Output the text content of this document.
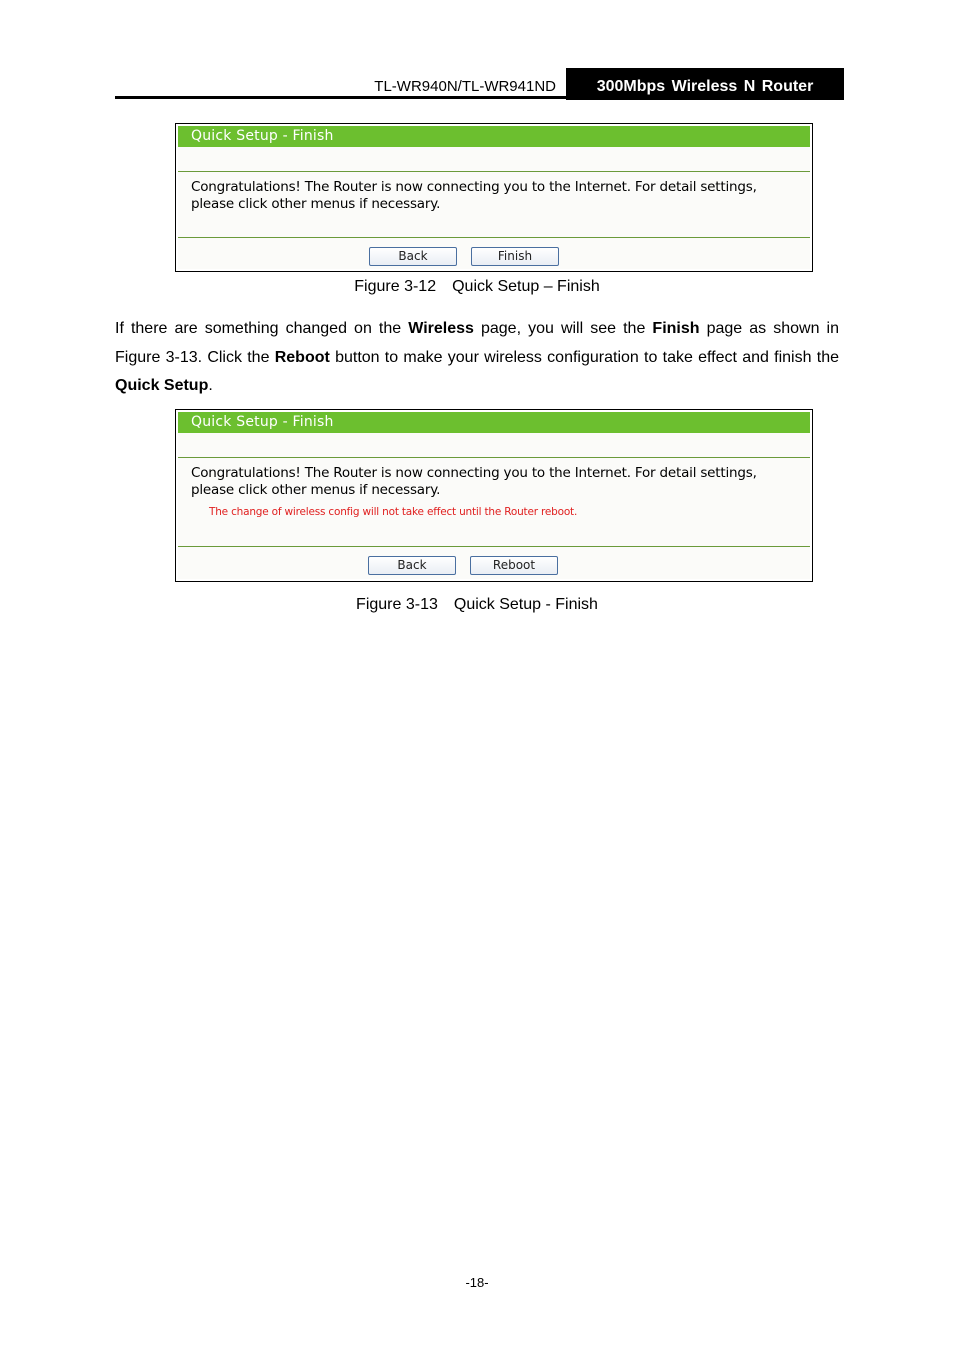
TL-WR940N/TL-WR941ND	300Mbps Wireless N Router
Quick Setup - Finish
Congratulations! The Router is now connecting you to the Internet. For detail settings,
please click other menus if necessary.
Back	Finish
Figure 3-12 Quick Setup – Finish
If there are something changed on the Wireless page, you will see the Finish page as shown in Figure 3-13. Click the Reboot button to make your wireless configuration to take effect and finish the Quick Setup.
Quick Setup - Finish
Congratulations! The Router is now connecting you to the Internet. For detail settings,
please click other menus if necessary.
The change of wireless config will not take effect until the Router reboot.
Back	Reboot
Figure 3-13 Quick Setup - Finish
-18-
